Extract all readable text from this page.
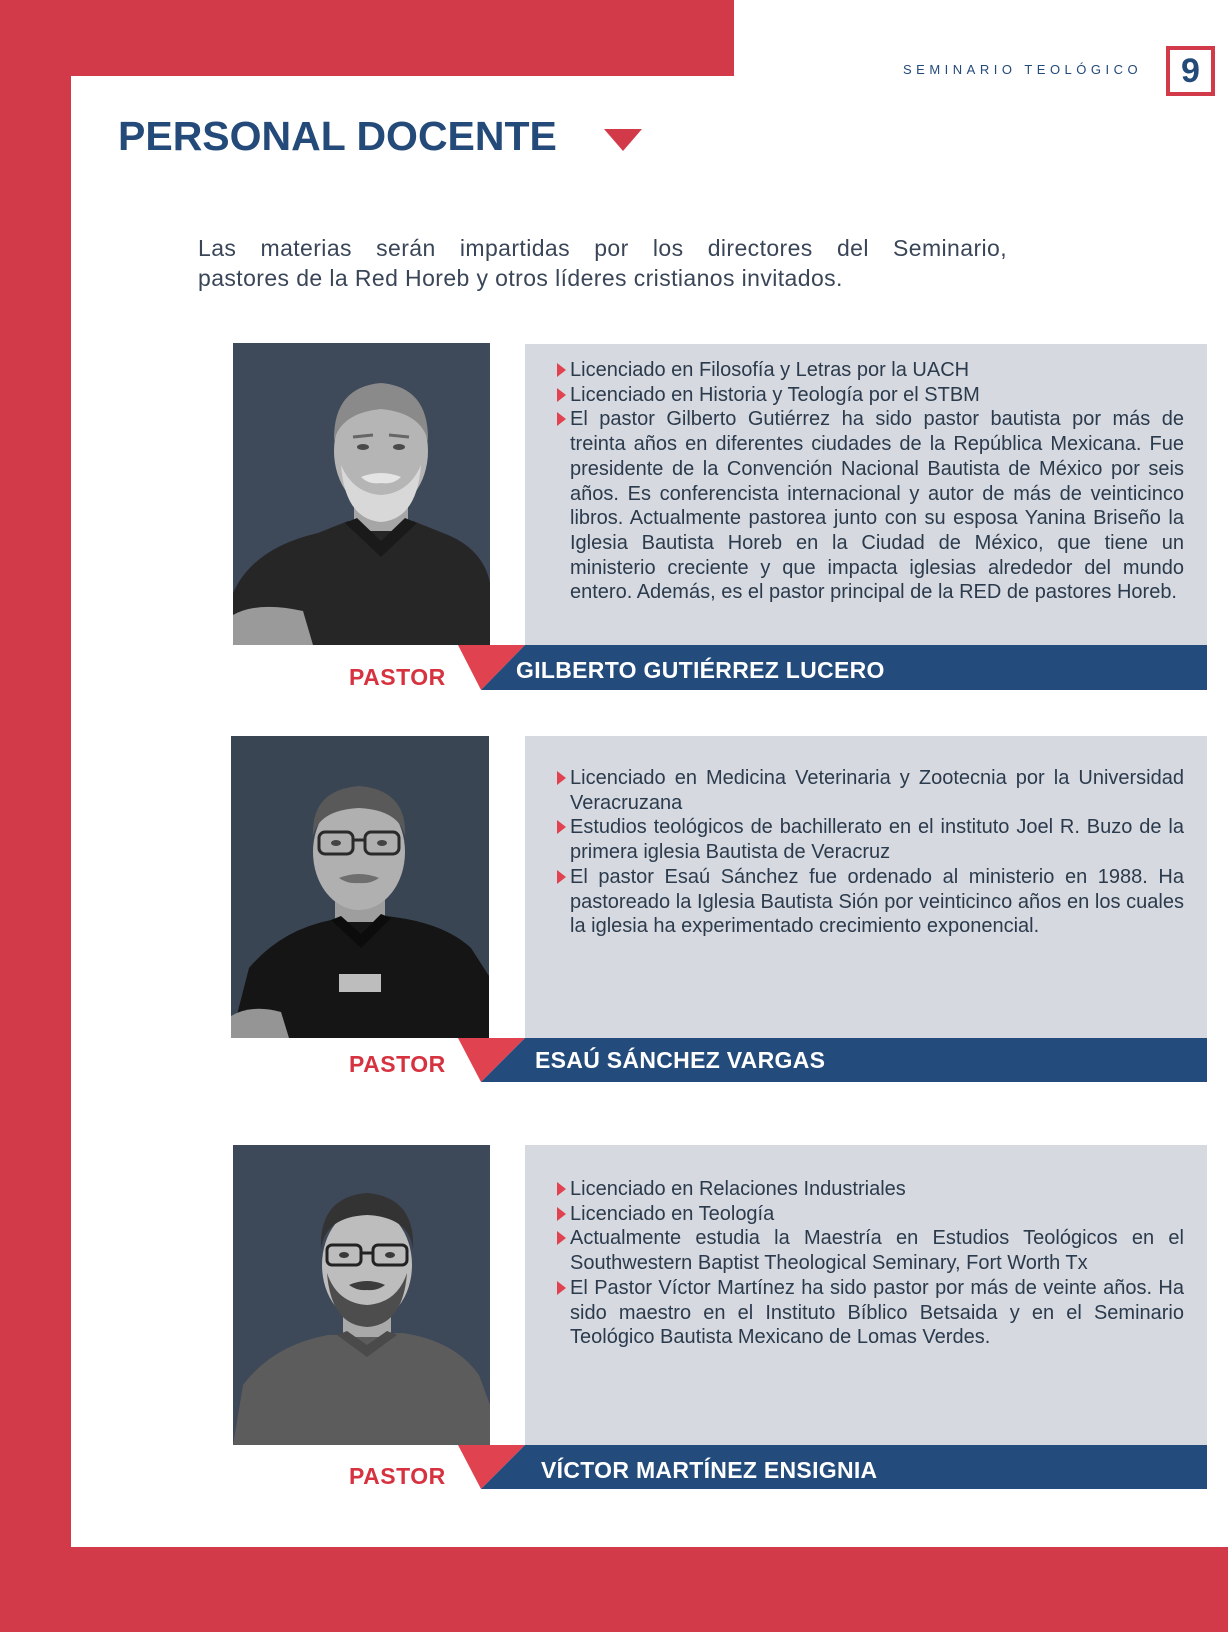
SEMINARIO TEOLÓGICO	9
PERSONAL DOCENTE
Las materias serán impartidas por los directores del Seminario,
pastores de la Red Horeb y otros líderes cristianos invitados.
Licenciado en Filosofía y Letras por la UACH
Licenciado en Historia y Teología por el STBM
El pastor Gilberto Gutiérrez ha sido pastor bautista por más de treinta años en diferentes ciudades de la República Mexicana. Fue presidente de la Convención Nacional Bautista de México por seis años. Es conferencista internacional y autor de más de veinticinco libros. Actualmente pastorea junto con su esposa Yanina Briseño la Iglesia Bautista Horeb en la Ciudad de México, que tiene un ministerio creciente y que impacta iglesias alrededor del mundo entero. Además, es el pastor principal de la RED de pastores Horeb.
PASTOR	GILBERTO GUTIÉRREZ LUCERO
Licenciado en Medicina Veterinaria y Zootecnia por la Universidad Veracruzana
Estudios teológicos de bachillerato en el instituto Joel R. Buzo de la primera iglesia Bautista de Veracruz
El pastor Esaú Sánchez fue ordenado al ministerio en 1988. Ha pastoreado la Iglesia Bautista Sión por veinticinco años en los cuales la iglesia ha experimentado crecimiento exponencial.
PASTOR	ESAÚ SÁNCHEZ VARGAS
Licenciado en Relaciones Industriales
Licenciado en Teología
Actualmente estudia la Maestría en Estudios Teológicos en el Southwestern Baptist Theological Seminary, Fort Worth Tx
El Pastor Víctor Martínez ha sido pastor por más de veinte años. Ha sido maestro en el Instituto Bíblico Betsaida y en el Seminario Teológico Bautista Mexicano de Lomas Verdes.
PASTOR	VÍCTOR MARTÍNEZ ENSIGNIA
